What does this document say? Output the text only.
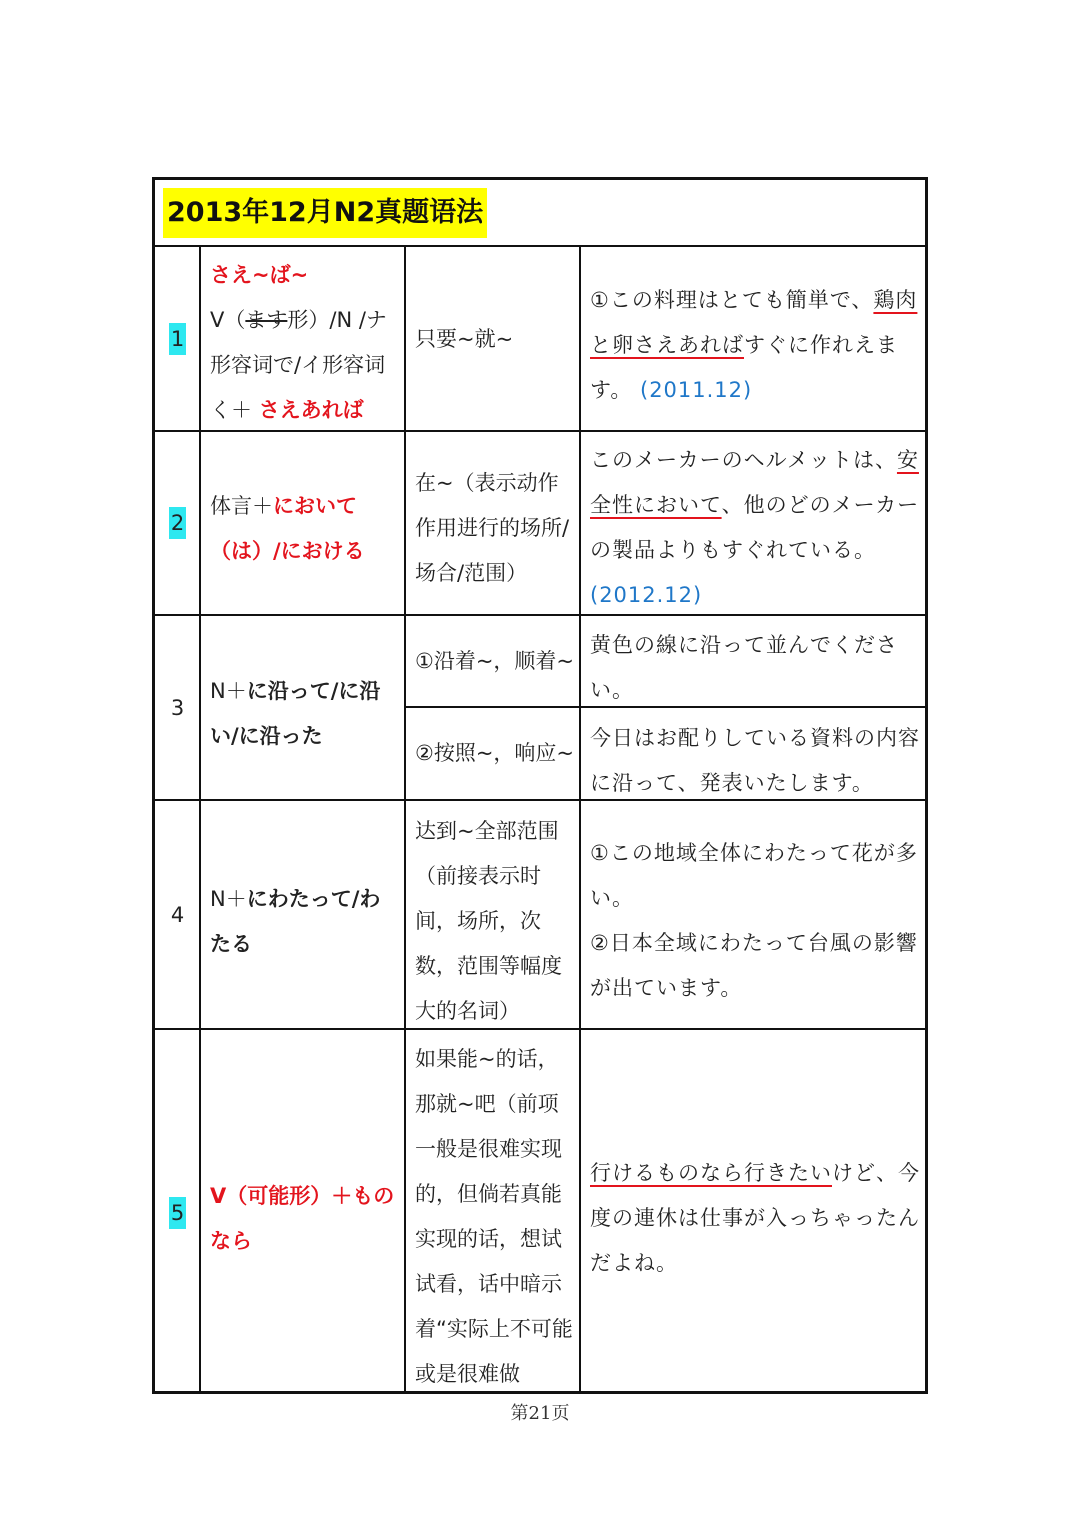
2013年12月N2真题语法
1
さえ~ば~
V（ます形）/N /ナ形容词で/イ形容词く＋ さえあれば
只要~就~
①この料理はとても簡単で、鶏肉と卵さえあればすぐに作れえます。 (2011.12)
2
体言＋において（は）/における
在~（表示动作作用进行的场所/场合/范围）
このメーカーのヘルメットは、安全性において、他のどのメーカーの製品よりもすぐれている。 (2012.12)
3
N＋に沿って/に沿い/に沿った
①沿着~，顺着~
黄色の線に沿って並んでください。
②按照~，响应~
今日はお配りしている資料の内容に沿って、発表いたします。
4
N＋にわたって/わたる
达到~全部范围（前接表示时间，场所，次数，范围等幅度大的名词）
①この地域全体にわたって花が多い。
②日本全域にわたって台風の影響が出ています。
5
V（可能形）＋ものなら
如果能~的话，那就~吧（前项一般是很难实现的，但倘若真能实现的话，想试试看，话中暗示着“实际上不可能或是很难做
行けるものなら行きたいけど、今度の連休は仕事が入っちゃったんだよね。
第21页
